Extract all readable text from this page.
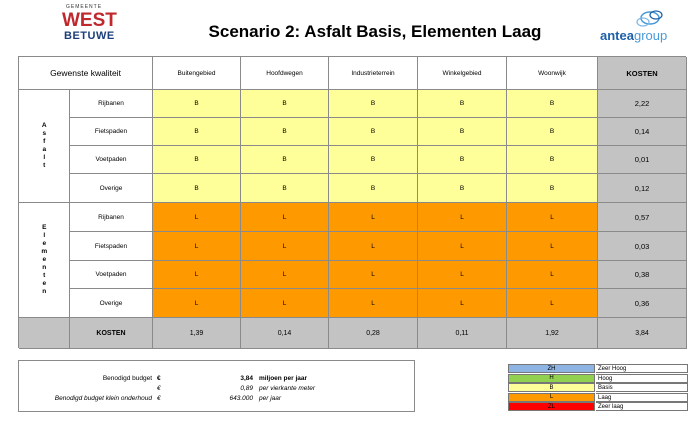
GEMEENTE
WEST
BETUWE	Scenario 2: Asfalt Basis, Elementen Laag	anteagroup
Gewenste kwaliteit	Buitengebied	Hoofdwegen	Industrieterrein	Winkelgebied	Woonwijk	KOSTEN
Asfalt
Elementen
Rijbanen	B	B	B	B	B	2,22
Fietspaden	B	B	B	B	B	0,14
Voetpaden	B	B	B	B	B	0,01
Overige	B	B	B	B	B	0,12
Rijbanen	L	L	L	L	L	0,57
Fietspaden	L	L	L	L	L	0,03
Voetpaden	L	L	L	L	L	0,38
Overige	L	L	L	L	L	0,36
KOSTEN	1,39	0,14	0,28	0,11	1,92	3,84
Benodigd budget €	3,84 miljoen per jaar
€	0,89 per vierkante meter
Benodigd budget klein onderhoud €	643.000 per jaar
ZH	Zeer Hoog
H	Hoog
B	Basis
L	Laag
ZL	Zeer laag
